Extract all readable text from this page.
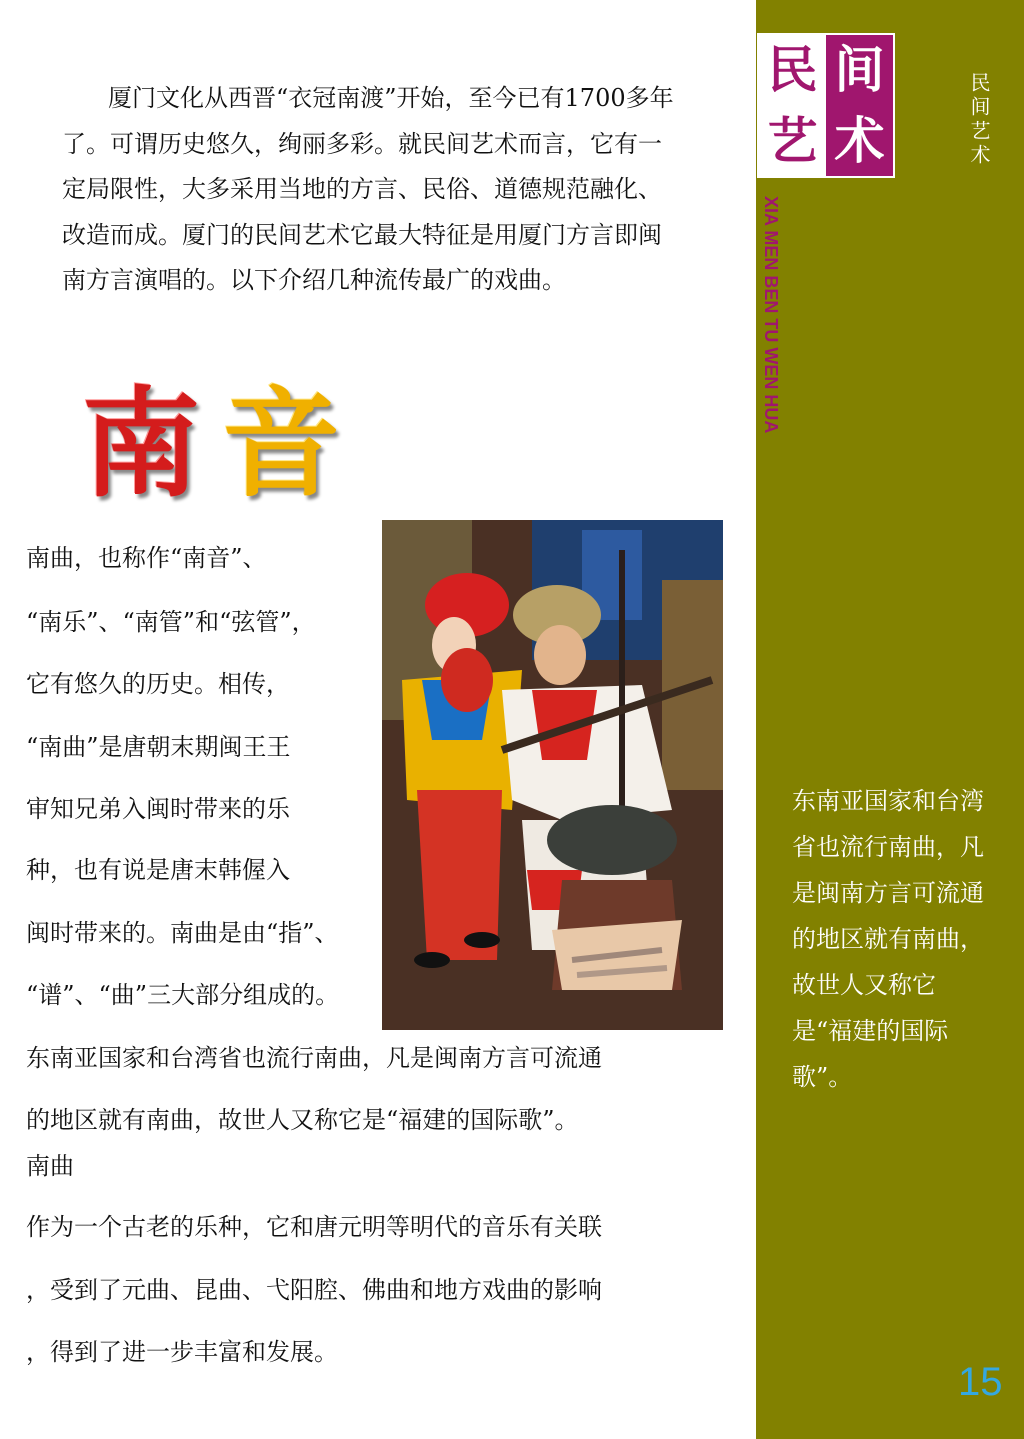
民 间
艺 术	民间艺术
XIA MEN BEN TU WEN HUA
东南亚国家和台湾省也流行南曲，凡是闽南方言可流通的地区就有南曲，故世人又称它是“福建的国际歌”。
15
厦门文化从西晋“衣冠南渡”开始，至今已有1700多年了。可谓历史悠久，绚丽多彩。就民间艺术而言，它有一定局限性，大多采用当地的方言、民俗、道德规范融化、改造而成。厦门的民间艺术它最大特征是用厦门方言即闽南方言演唱的。以下介绍几种流传最广的戏曲。
南音
南曲，也称作“南音”、
“南乐”、“南管”和“弦管”，
它有悠久的历史。相传，
“南曲”是唐朝末期闽王王
审知兄弟入闽时带来的乐
种，也有说是唐末韩偓入
闽时带来的。南曲是由“指”、
“谱”、“曲”三大部分组成的。
东南亚国家和台湾省也流行南曲，凡是闽南方言可流通
的地区就有南曲，故世人又称它是“福建的国际歌”。
南曲
作为一个古老的乐种，它和唐元明等明代的音乐有关联
，受到了元曲、昆曲、弋阳腔、佛曲和地方戏曲的影响
，得到了进一步丰富和发展。
